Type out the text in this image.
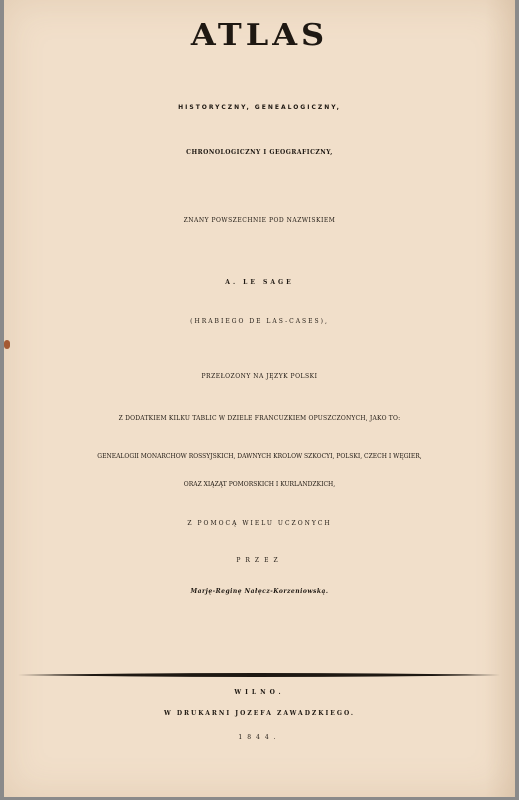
ATLAS
HISTORYCZNY, GENEALOGICZNY,
CHRONOLOGICZNY I GEOGRAFICZNY,
ZNANY POWSZECHNIE POD NAZWISKIEM
A. LE SAGE
(HRABIEGO DE LAS-CASÈS),
PRZEŁOŻONY NA JĘZYK POLSKI
Z DODATKIEM KILKU TABLIC W DZIELE FRANCUZKIÉM OPUSZCZONYCH, JAKO TO:
GENEALOGII MONARCHÓW ROSSYJSKICH, DAWNYCH KRÓLÓW SZKOCYI, POLSKI, CZECH I WĘGIER,
ORAZ XIĄŻĄT POMORSKICH I KURLANDZKICH,
Z POMOCĄ WIELU UCZONYCH
PRZEZ
Marję-Reginę Nałęcz-Korzeniowską.
WILNO.
W DRUKARNI JÓZEFA ZAWADZKIEGO.
1844.
